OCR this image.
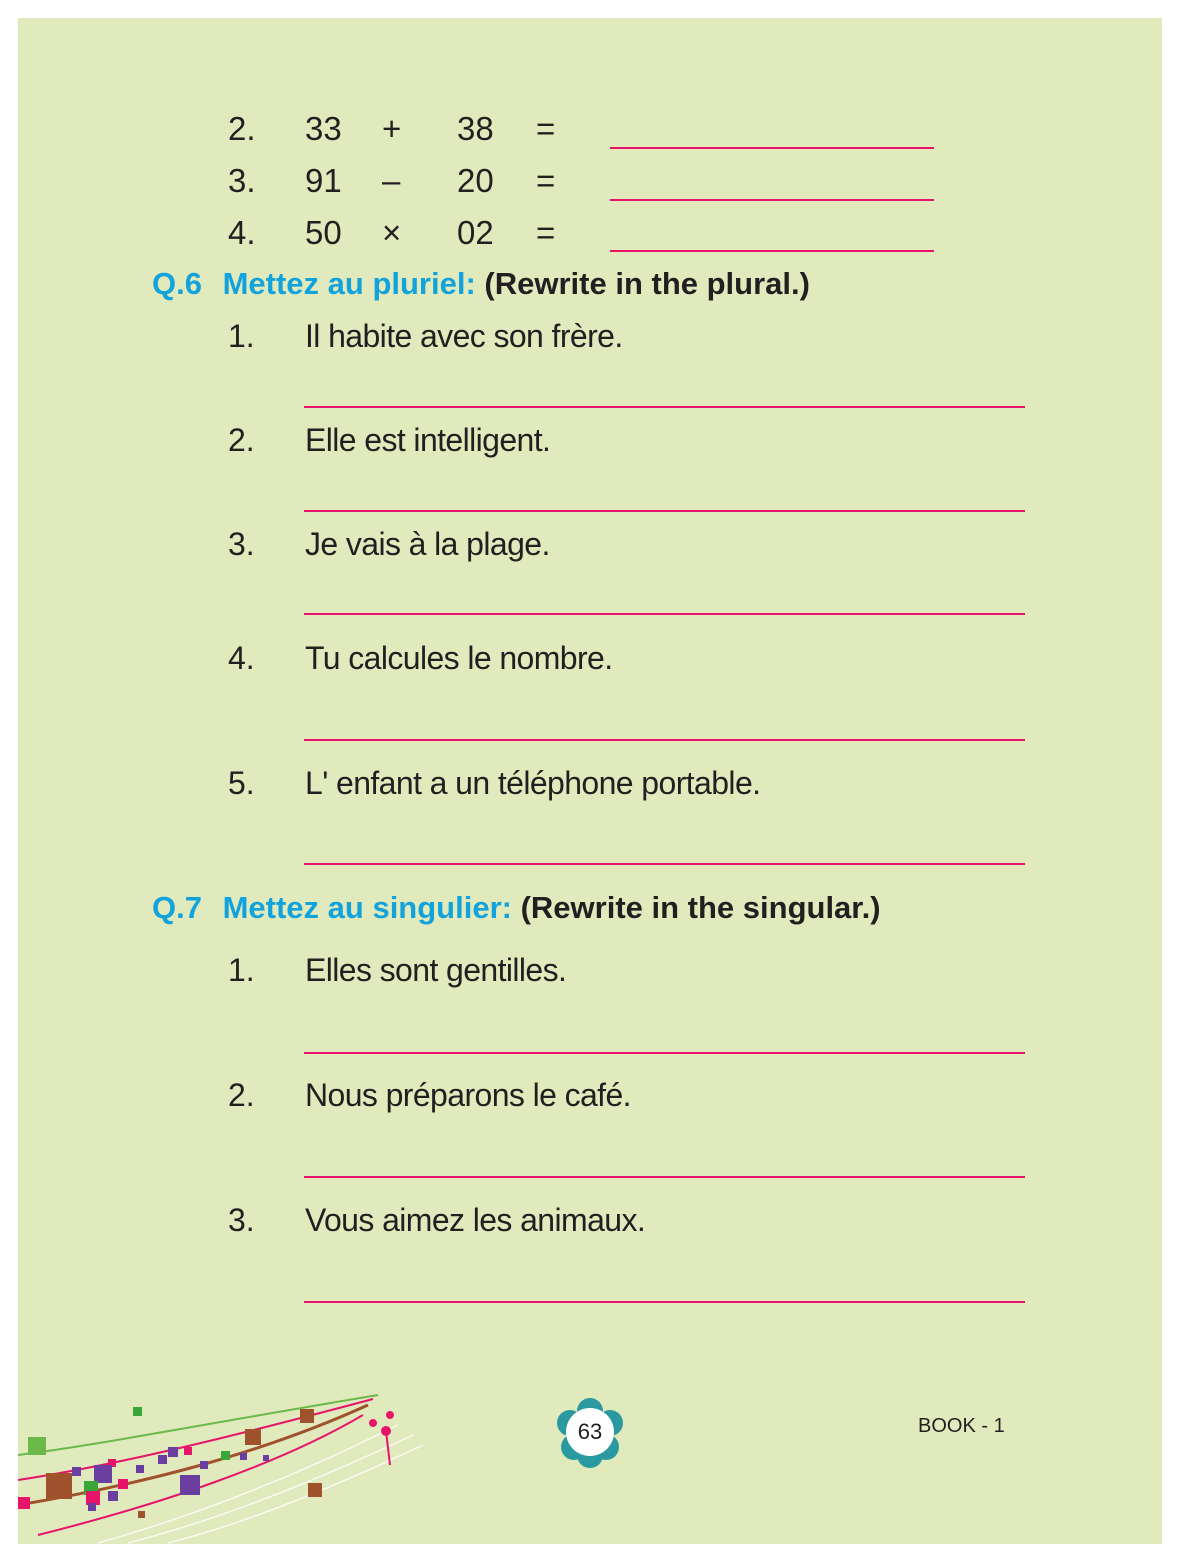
2. 33 + 38 =
3. 91 – 20 =
4. 50 × 02 =
Q.6 Mettez au pluriel: (Rewrite in the plural.)
1. Il habite avec son frère.
2. Elle est intelligent.
3. Je vais à la plage.
4. Tu calcules le nombre.
5. L' enfant a un téléphone portable.
Q.7 Mettez au singulier: (Rewrite in the singular.)
1. Elles sont gentilles.
2. Nous préparons le café.
3. Vous aimez les animaux.
63	BOOK - 1
